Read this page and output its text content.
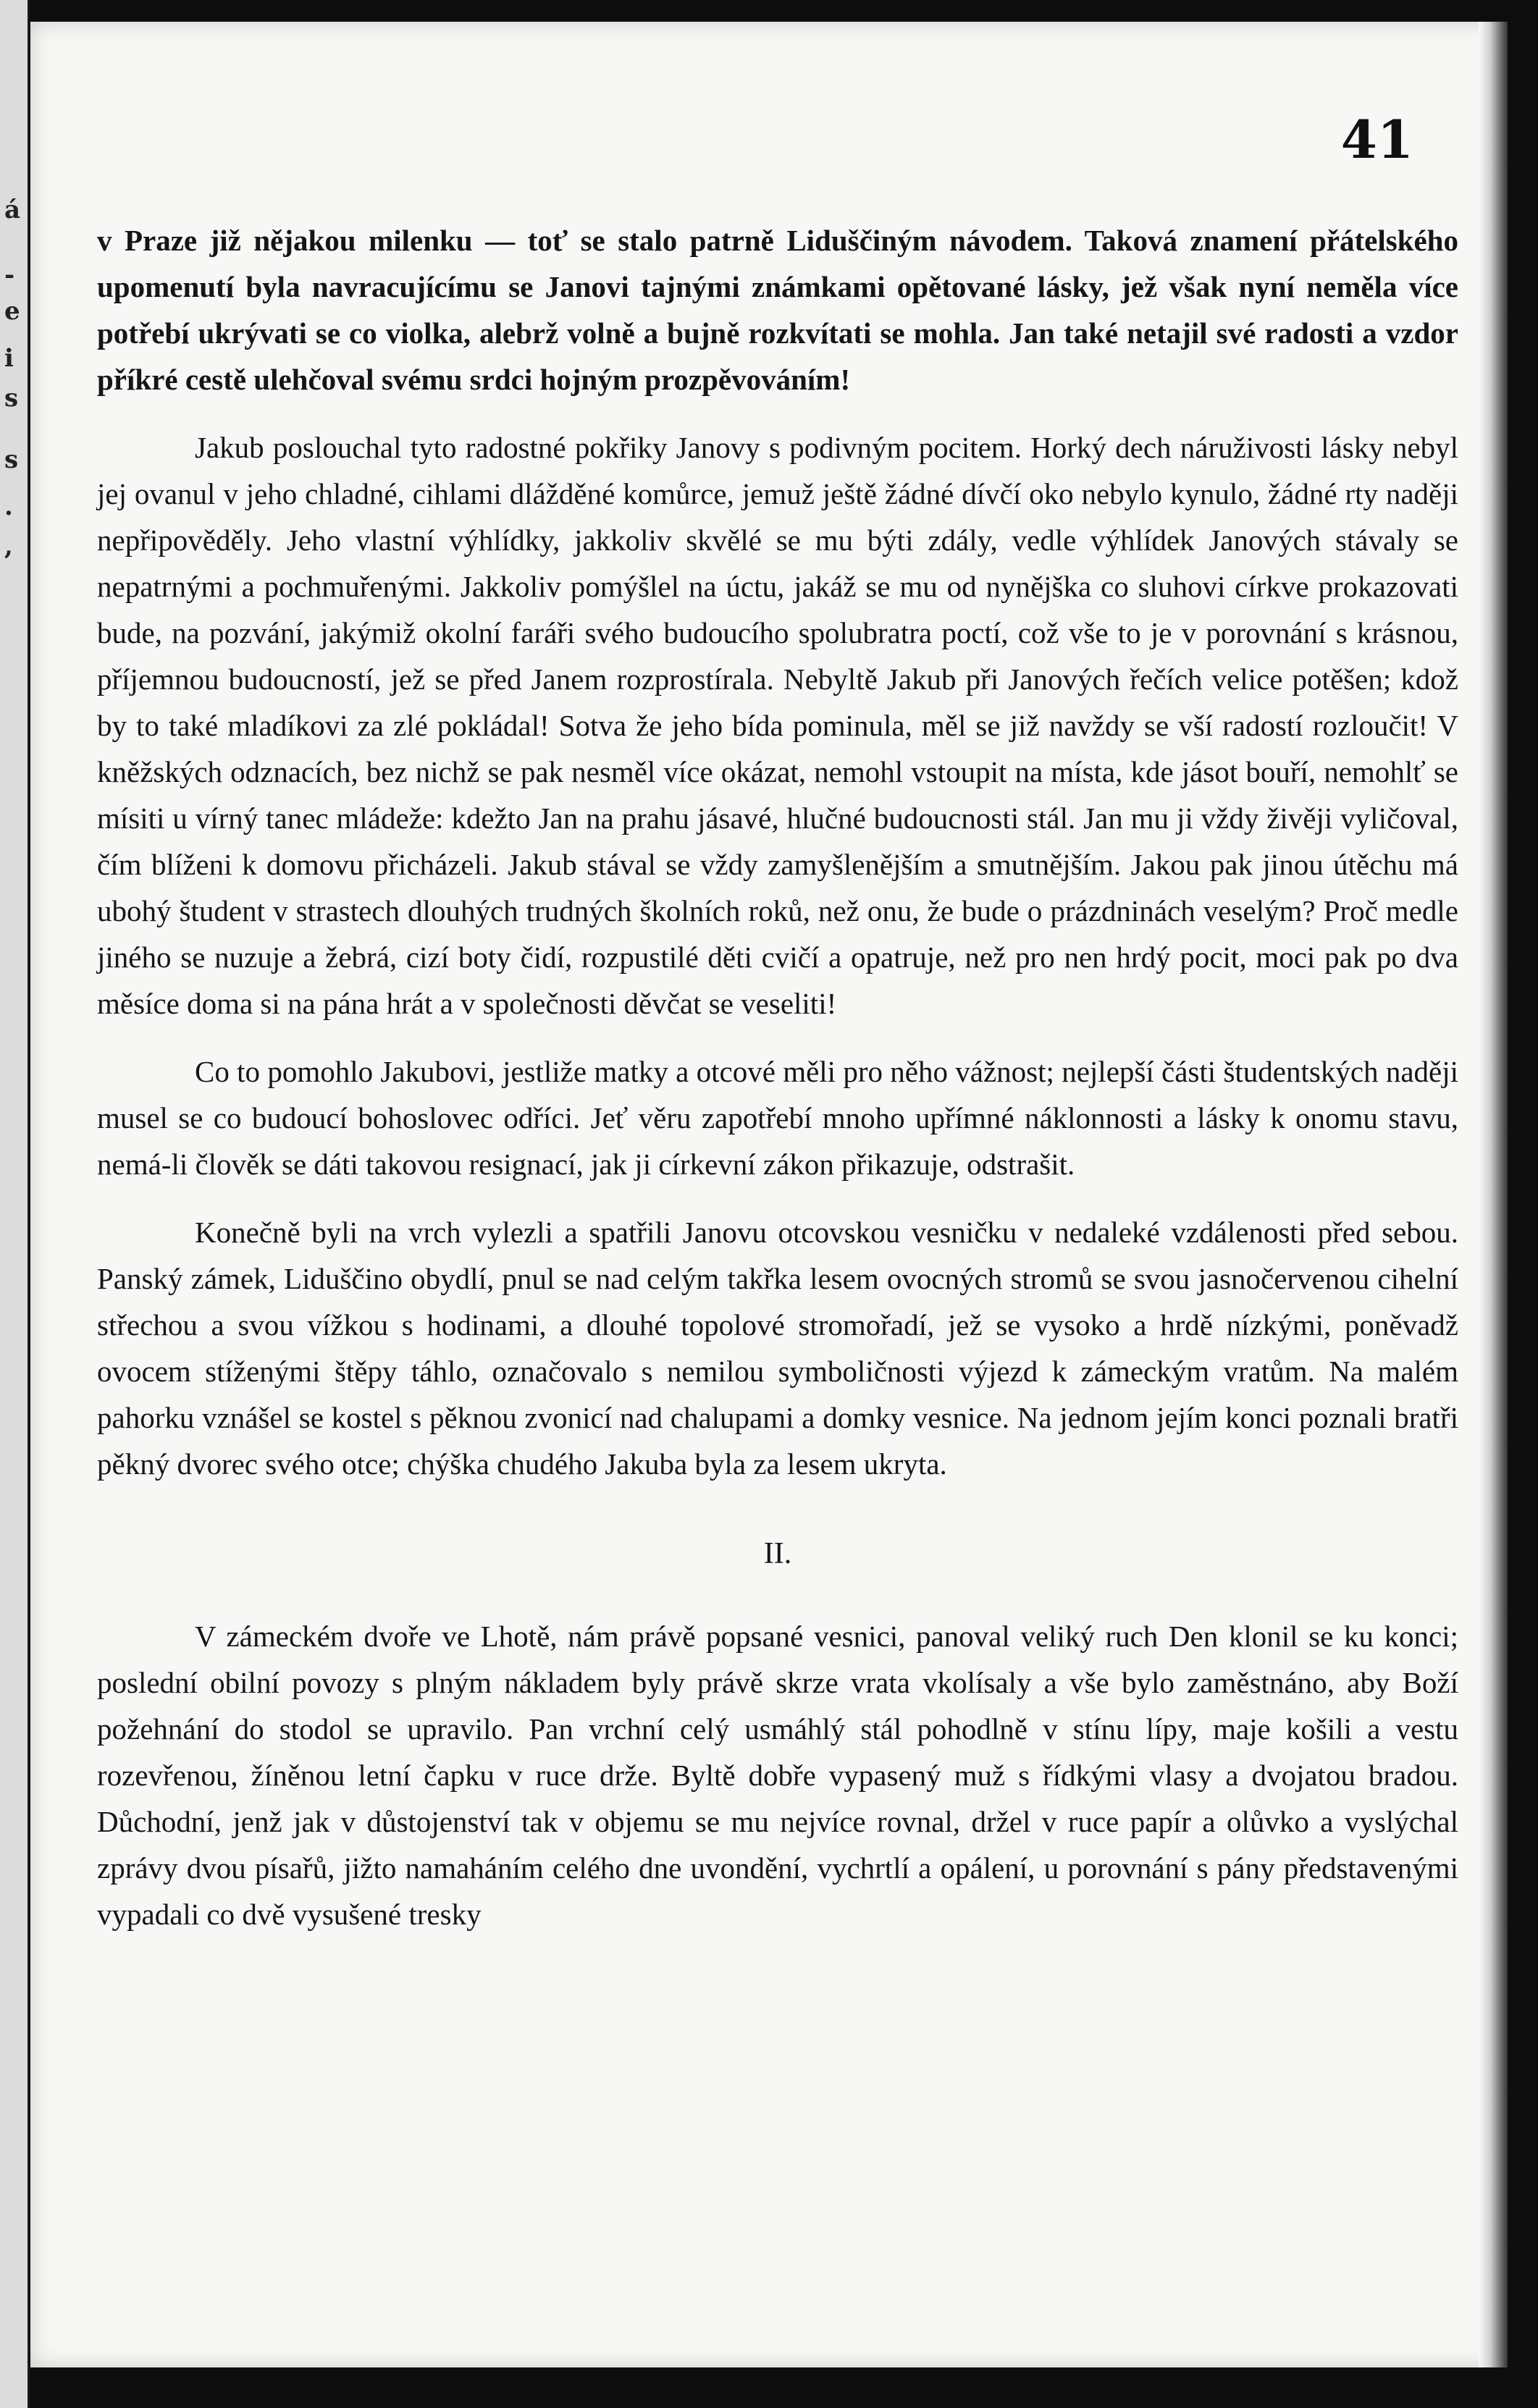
á
-
e
i
s
s
.
,
41

v Praze již nějakou milenku — toť se stalo patrně Liduščiným návodem. Taková znamení přátelského upomenutí byla navracujícímu se Janovi tajnými známkami opětované lásky, jež však nyní neměla více potřebí ukrývati se co violka, alebrž volně a bujně rozkvítati se mohla. Jan také netajil své radosti a vzdor příkré cestě ulehčoval svému srdci hojným prozpěvováním!

Jakub poslouchal tyto radostné pokřiky Janovy s podivným pocitem. Horký dech náruživosti lásky nebyl jej ovanul v jeho chladné, cihlami dlážděné komůrce, jemuž ještě žádné dívčí oko nebylo kynulo, žádné rty naději nepřipověděly. Jeho vlastní výhlídky, jakkoliv skvělé se mu býti zdály, vedle výhlídek Janových stávaly se nepatrnými a pochmuřenými. Jakkoliv pomýšlel na úctu, jakáž se mu od nynějška co sluhovi církve prokazovati bude, na pozvání, jakýmiž okolní faráři svého budoucího spolubratra poctí, což vše to je v porovnání s krásnou, příjemnou budoucností, jež se před Janem rozprostírala. Nebyltě Jakub při Janových řečích velice potěšen; kdož by to také mladíkovi za zlé pokládal! Sotva že jeho bída pominula, měl se již navždy se vší radostí rozloučit! V kněžských odznacích, bez nichž se pak nesměl více okázat, nemohl vstoupit na místa, kde jásot bouří, nemohlť se mísiti u vírný tanec mládeže: kdežto Jan na prahu jásavé, hlučné budoucnosti stál. Jan mu ji vždy živěji vyličoval, čím blíženi k domovu přicházeli. Jakub stával se vždy zamyšlenějším a smutnějším. Jakou pak jinou útěchu má ubohý študent v strastech dlouhých trudných školních roků, než onu, že bude o prázdninách veselým? Proč medle jiného se nuzuje a žebrá, cizí boty čidí, rozpustilé děti cvičí a opatruje, než pro nen hrdý pocit, moci pak po dva měsíce doma si na pána hrát a v společnosti děvčat se veseliti!

Co to pomohlo Jakubovi, jestliže matky a otcové měli pro něho vážnost; nejlepší části študentských naději musel se co budoucí bohoslovec odříci. Jeť věru zapotřebí mnoho upřímné náklonnosti a lásky k onomu stavu, nemá-li člověk se dáti takovou resignací, jak ji církevní zákon přikazuje, odstrašit.

Konečně byli na vrch vylezli a spatřili Janovu otcovskou vesničku v nedaleké vzdálenosti před sebou. Panský zámek, Liduščino obydlí, pnul se nad celým takřka lesem ovocných stromů se svou jasnočervenou cihelní střechou a svou vížkou s hodinami, a dlouhé topolové stromořadí, jež se vysoko a hrdě nízkými, poněvadž ovocem stíženými štěpy táhlo, označovalo s nemilou symboličnosti výjezd k zámeckým vratům. Na malém pahorku vznášel se kostel s pěknou zvonicí nad chalupami a domky vesnice. Na jednom jejím konci poznali bratři pěkný dvorec svého otce; chýška chudého Jakuba byla za lesem ukryta.

II.

V zámeckém dvoře ve Lhotě, nám právě popsané vesnici, panoval veliký ruch Den klonil se ku konci; poslední obilní povozy s plným nákladem byly právě skrze vrata vkolísaly a vše bylo zaměstnáno, aby Boží požehnání do stodol se upravilo. Pan vrchní celý usmáhlý stál pohodlně v stínu lípy, maje košili a vestu rozevřenou, žíněnou letní čapku v ruce drže. Byltě dobře vypasený muž s řídkými vlasy a dvojatou bradou. Důchodní, jenž jak v důstojenství tak v objemu se mu nejvíce rovnal, držel v ruce papír a olůvko a vyslýchal zprávy dvou písařů, jižto namaháním celého dne uvondění, vychrtlí a opálení, u porovnání s pány představenými vypadali co dvě vysušené tresky
